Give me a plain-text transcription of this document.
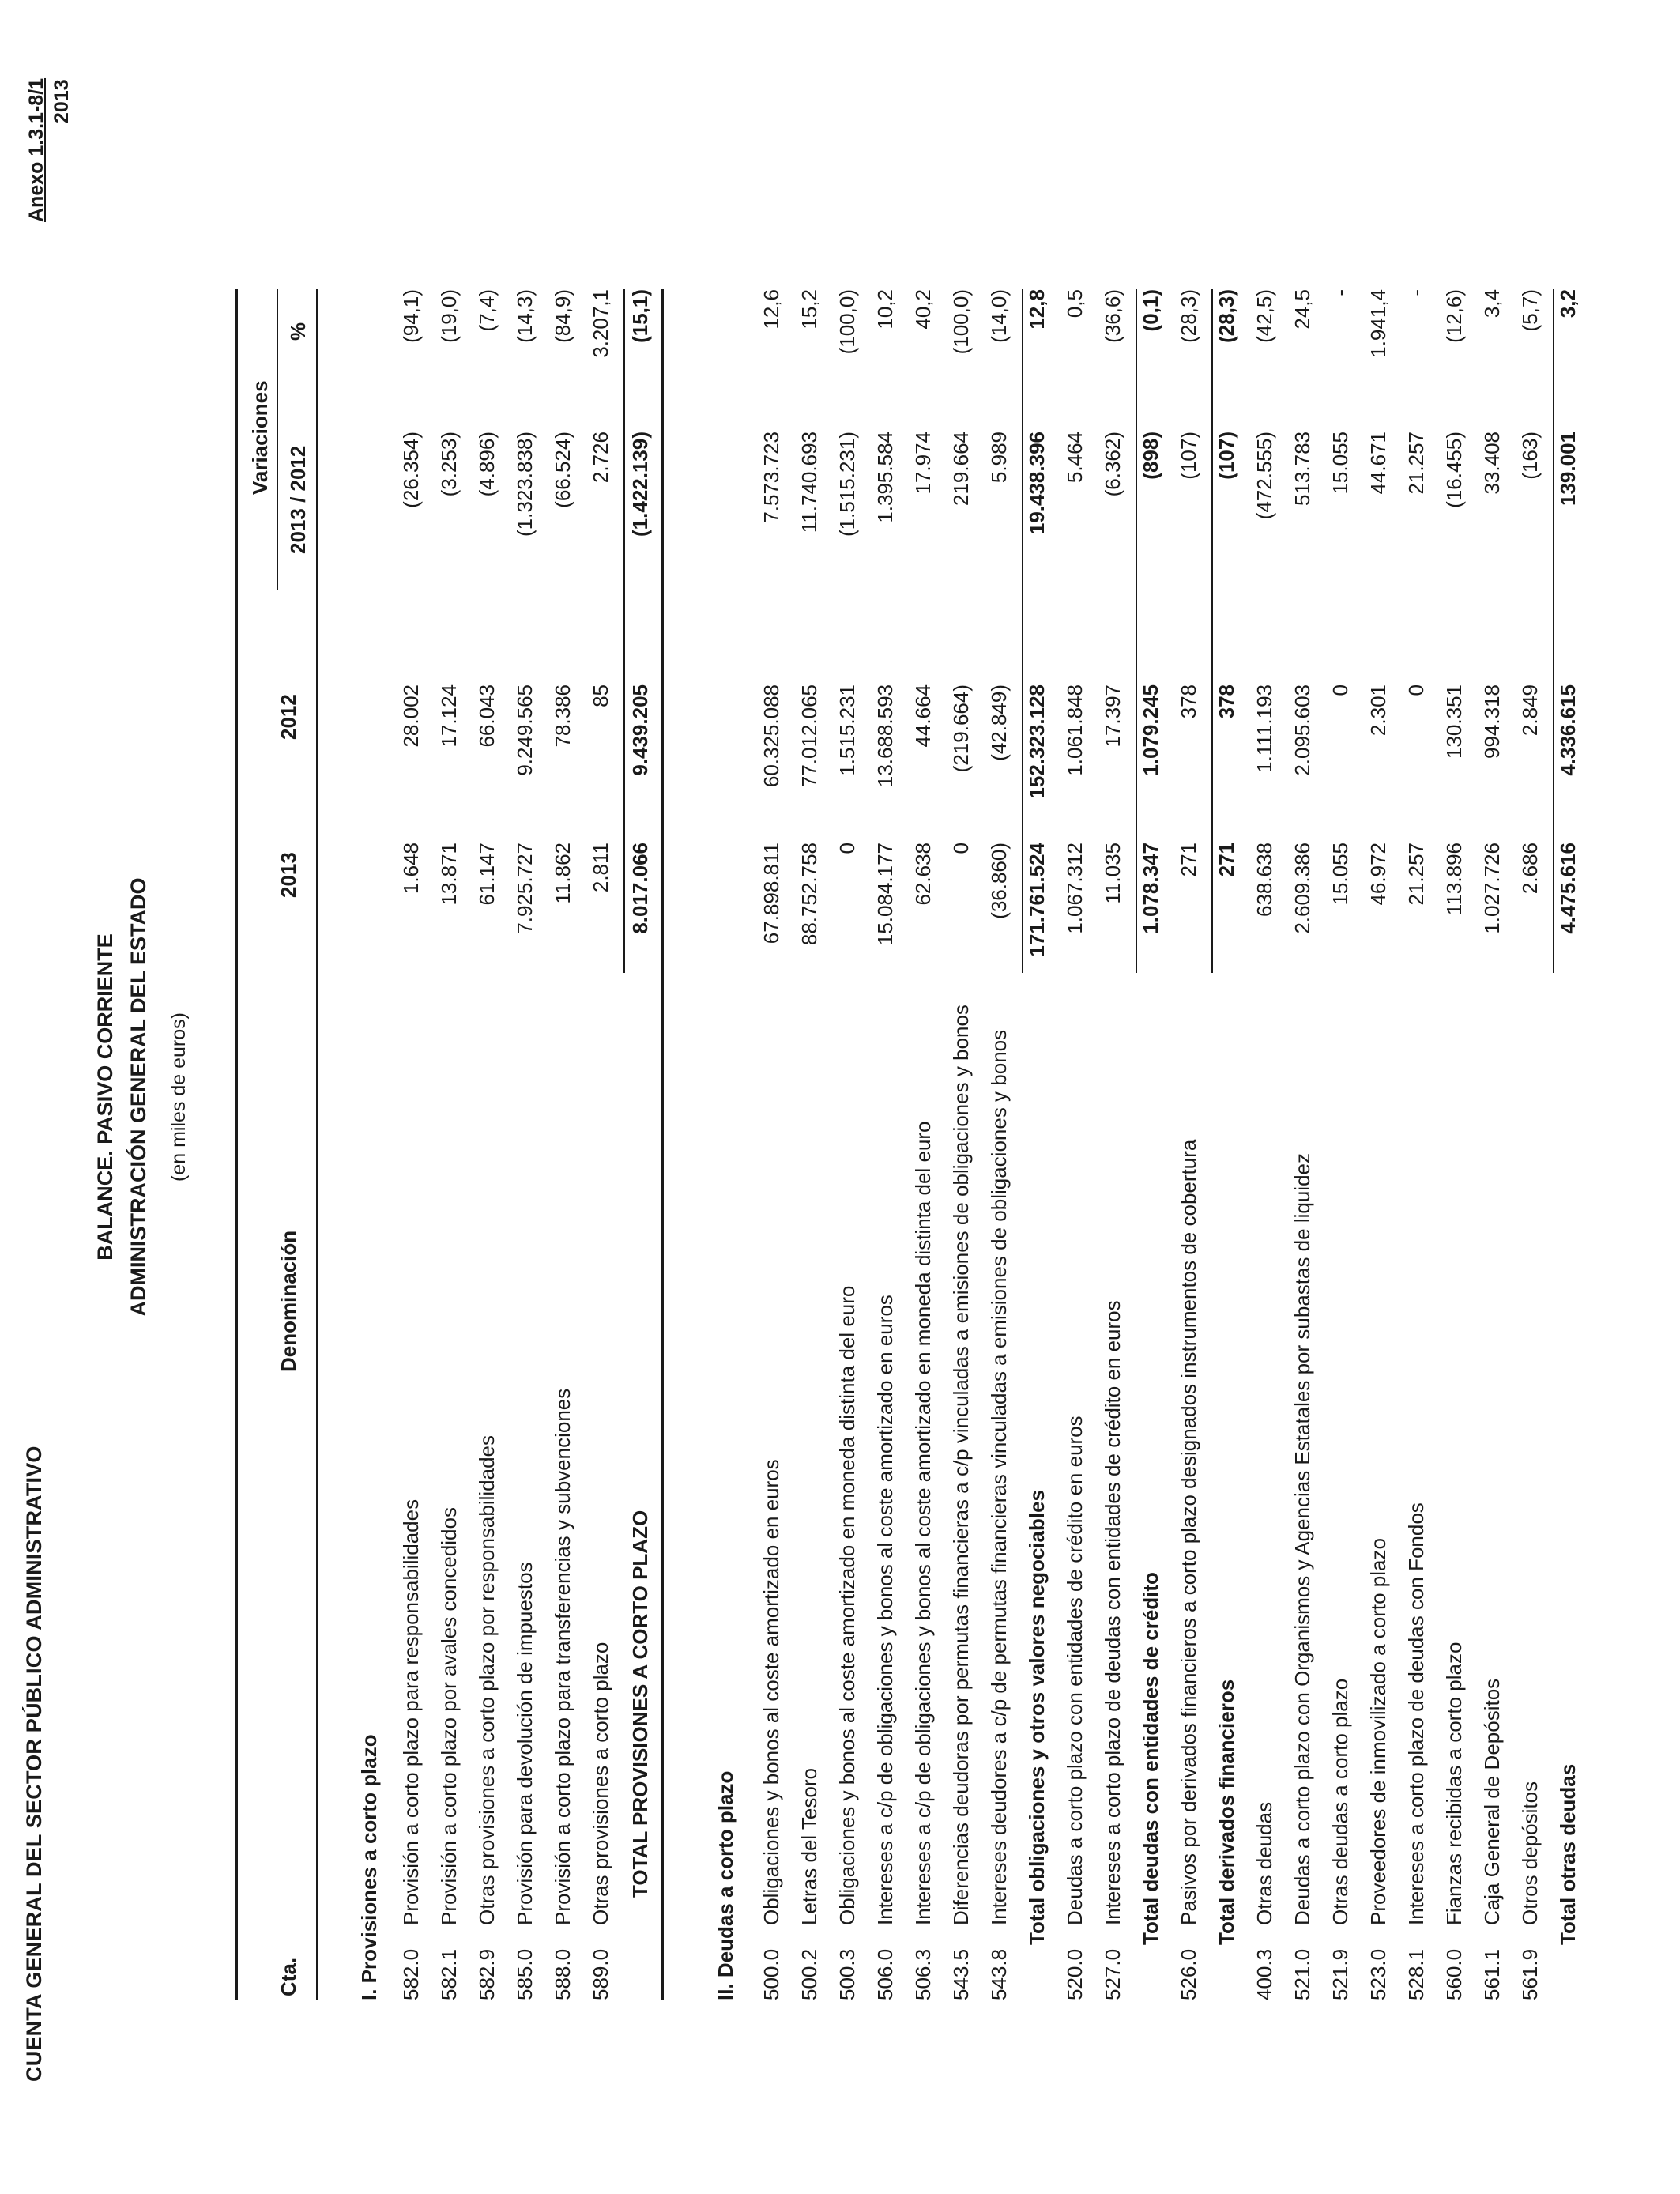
CUENTA GENERAL DEL SECTOR PÚBLICO ADMINISTRATIVO
Anexo 1.3.1-8/1 2013
BALANCE. PASIVO CORRIENTE ADMINISTRACIÓN GENERAL DEL ESTADO (en miles de euros)
Cta.
Denominación
2013
2012
Variaciones
2013 / 2012
%
I. Provisiones a corto plazo 582.0
Provisión a corto plazo para responsabilidades
1.648
28.002
(26.354)
(94,1)
582.1
Provisión a corto plazo por avales concedidos
13.871
17.124
(3.253)
(19,0)
582.9
Otras provisiones a corto plazo por responsabilidades
61.147
66.043
(4.896)
(7,4)
585.0
Provisión para devolución de impuestos
7.925.727
9.249.565
(1.323.838)
(14,3)
588.0
Provisión a corto plazo para transferencias y subvenciones
11.862
78.386
(66.524)
(84,9)
589.0
Otras provisiones a corto plazo
2.811
85
2.726
3.207,1
TOTAL PROVISIONES A CORTO PLAZO
8.017.066
9.439.205
(1.422.139)
(15,1)
II. Deudas a corto plazo 500.0
Obligaciones y bonos al coste amortizado en euros
67.898.811
60.325.088
7.573.723
12,6
500.2
Letras del Tesoro
88.752.758
77.012.065
11.740.693
15,2
500.3
Obligaciones y bonos al coste amortizado en moneda distinta del euro
0
1.515.231
(1.515.231)
(100,0)
506.0
Intereses a c/p de obligaciones y bonos al coste amortizado en euros
15.084.177
13.688.593
1.395.584
10,2
506.3
Intereses a c/p de obligaciones y bonos al coste amortizado en moneda distinta del euro
62.638
44.664
17.974
40,2
543.5
Diferencias deudoras por permutas financieras a c/p vinculadas a emisiones de obligaciones y bonos
0
(219.664)
219.664
(100,0)
543.8
Intereses deudores a c/p de permutas financieras vinculadas a emisiones de obligaciones y bonos
(36.860)
(42.849)
5.989
(14,0)
Total obligaciones y otros valores negociables
171.761.524
152.323.128
19.438.396
12,8
520.0
Deudas a corto plazo con entidades de crédito en euros
1.067.312
1.061.848
5.464
0,5
527.0
Intereses a corto plazo de deudas con entidades de crédito en euros
11.035
17.397
(6.362)
(36,6)
Total deudas con entidades de crédito
1.078.347
1.079.245
(898)
(0,1)
526.0
Pasivos por derivados financieros a corto plazo designados instrumentos de cobertura
271
378
(107)
(28,3)
Total derivados financieros
271
378
(107)
(28,3)
400.3
Otras deudas
638.638
1.111.193
(472.555)
(42,5)
521.0
Deudas a corto plazo con Organismos y Agencias Estatales por subastas de liquidez
2.609.386
2.095.603
513.783
24,5
521.9
Otras deudas a corto plazo
15.055
0
15.055
-
523.0
Proveedores de inmovilizado a corto plazo
46.972
2.301
44.671
1.941,4
528.1
Intereses a corto plazo de deudas con Fondos
21.257
0
21.257
-
560.0
Fianzas recibidas a corto plazo
113.896
130.351
(16.455)
(12,6)
561.1
Caja General de Depósitos
1.027.726
994.318
33.408
3,4
561.9
Otros depósitos
2.686
2.849
(163)
(5,7)
Total otras deudas
4.475.616
4.336.615
139.001
3,2
